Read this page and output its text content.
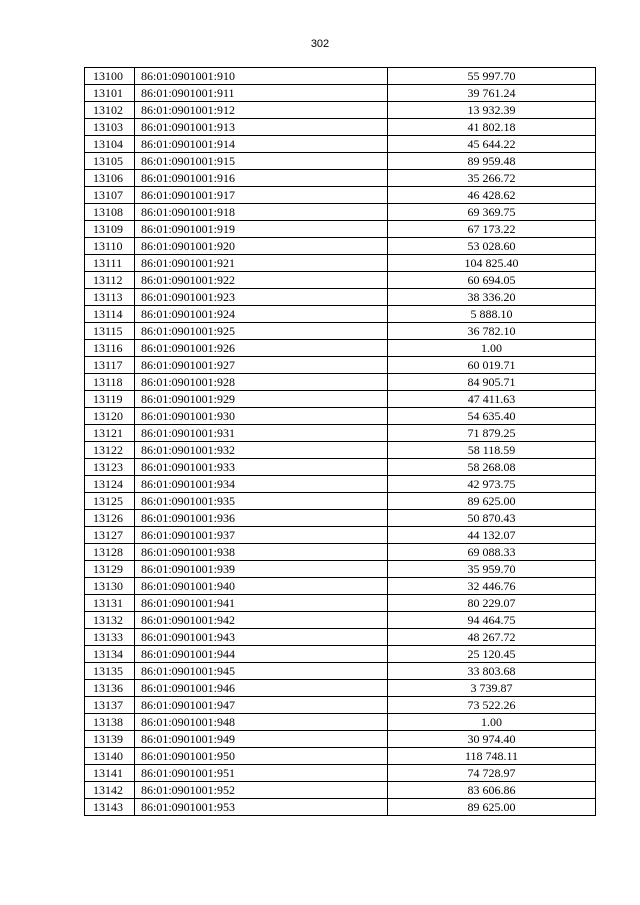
302
13100	86:01:0901001:910	55 997.70
13101	86:01:0901001:911	39 761.24
13102	86:01:0901001:912	13 932.39
13103	86:01:0901001:913	41 802.18
13104	86:01:0901001:914	45 644.22
13105	86:01:0901001:915	89 959.48
13106	86:01:0901001:916	35 266.72
13107	86:01:0901001:917	46 428.62
13108	86:01:0901001:918	69 369.75
13109	86:01:0901001:919	67 173.22
13110	86:01:0901001:920	53 028.60
13111	86:01:0901001:921	104 825.40
13112	86:01:0901001:922	60 694.05
13113	86:01:0901001:923	38 336.20
13114	86:01:0901001:924	5 888.10
13115	86:01:0901001:925	36 782.10
13116	86:01:0901001:926	1.00
13117	86:01:0901001:927	60 019.71
13118	86:01:0901001:928	84 905.71
13119	86:01:0901001:929	47 411.63
13120	86:01:0901001:930	54 635.40
13121	86:01:0901001:931	71 879.25
13122	86:01:0901001:932	58 118.59
13123	86:01:0901001:933	58 268.08
13124	86:01:0901001:934	42 973.75
13125	86:01:0901001:935	89 625.00
13126	86:01:0901001:936	50 870.43
13127	86:01:0901001:937	44 132.07
13128	86:01:0901001:938	69 088.33
13129	86:01:0901001:939	35 959.70
13130	86:01:0901001:940	32 446.76
13131	86:01:0901001:941	80 229.07
13132	86:01:0901001:942	94 464.75
13133	86:01:0901001:943	48 267.72
13134	86:01:0901001:944	25 120.45
13135	86:01:0901001:945	33 803.68
13136	86:01:0901001:946	3 739.87
13137	86:01:0901001:947	73 522.26
13138	86:01:0901001:948	1.00
13139	86:01:0901001:949	30 974.40
13140	86:01:0901001:950	118 748.11
13141	86:01:0901001:951	74 728.97
13142	86:01:0901001:952	83 606.86
13143	86:01:0901001:953	89 625.00
